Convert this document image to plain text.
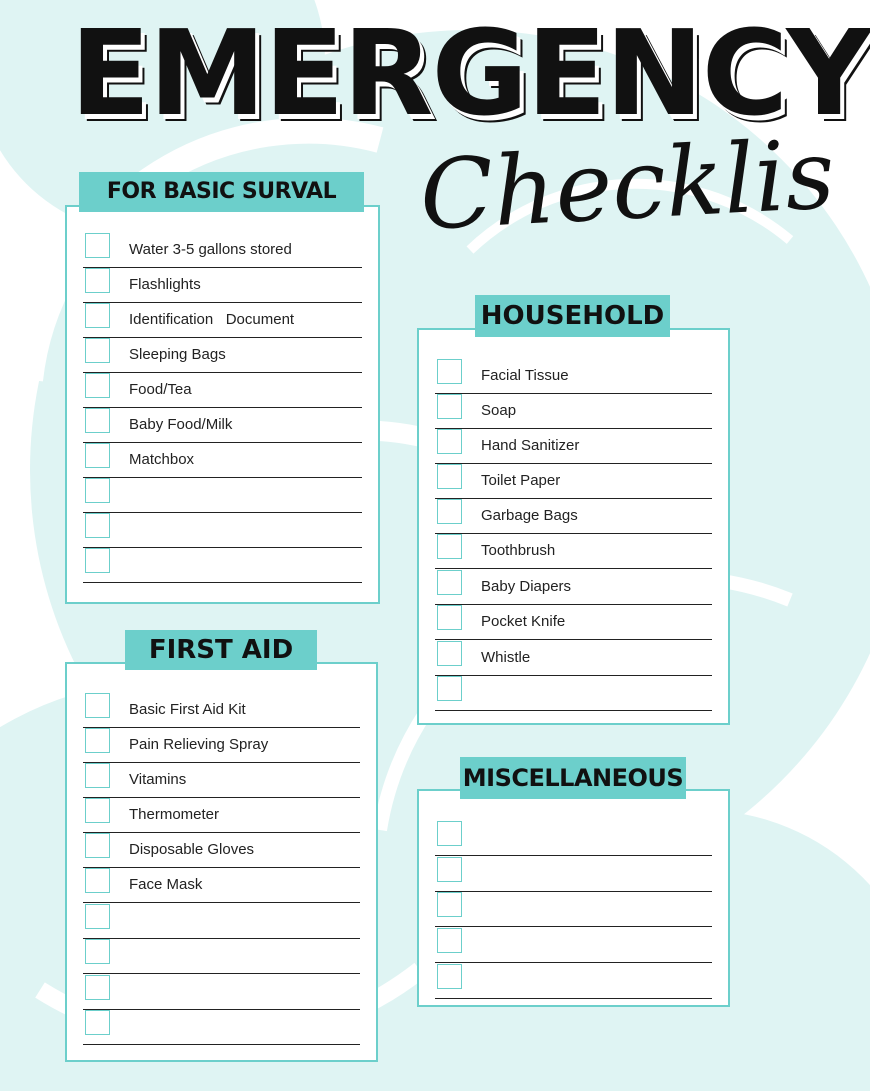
EMERGENCY
Checklis
Water 3-5 gallons stored
Flashlights
Identification   Document
Sleeping Bags
Food/Tea
Baby Food/Milk
Matchbox
FOR BASIC SURVAL
Facial Tissue
Soap
Hand Sanitizer
Toilet Paper
Garbage Bags
Toothbrush
Baby Diapers
Pocket Knife
Whistle
HOUSEHOLD
Basic First Aid Kit
Pain Relieving Spray
Vitamins
Thermometer
Disposable Gloves
Face Mask
FIRST AID
MISCELLANEOUS
